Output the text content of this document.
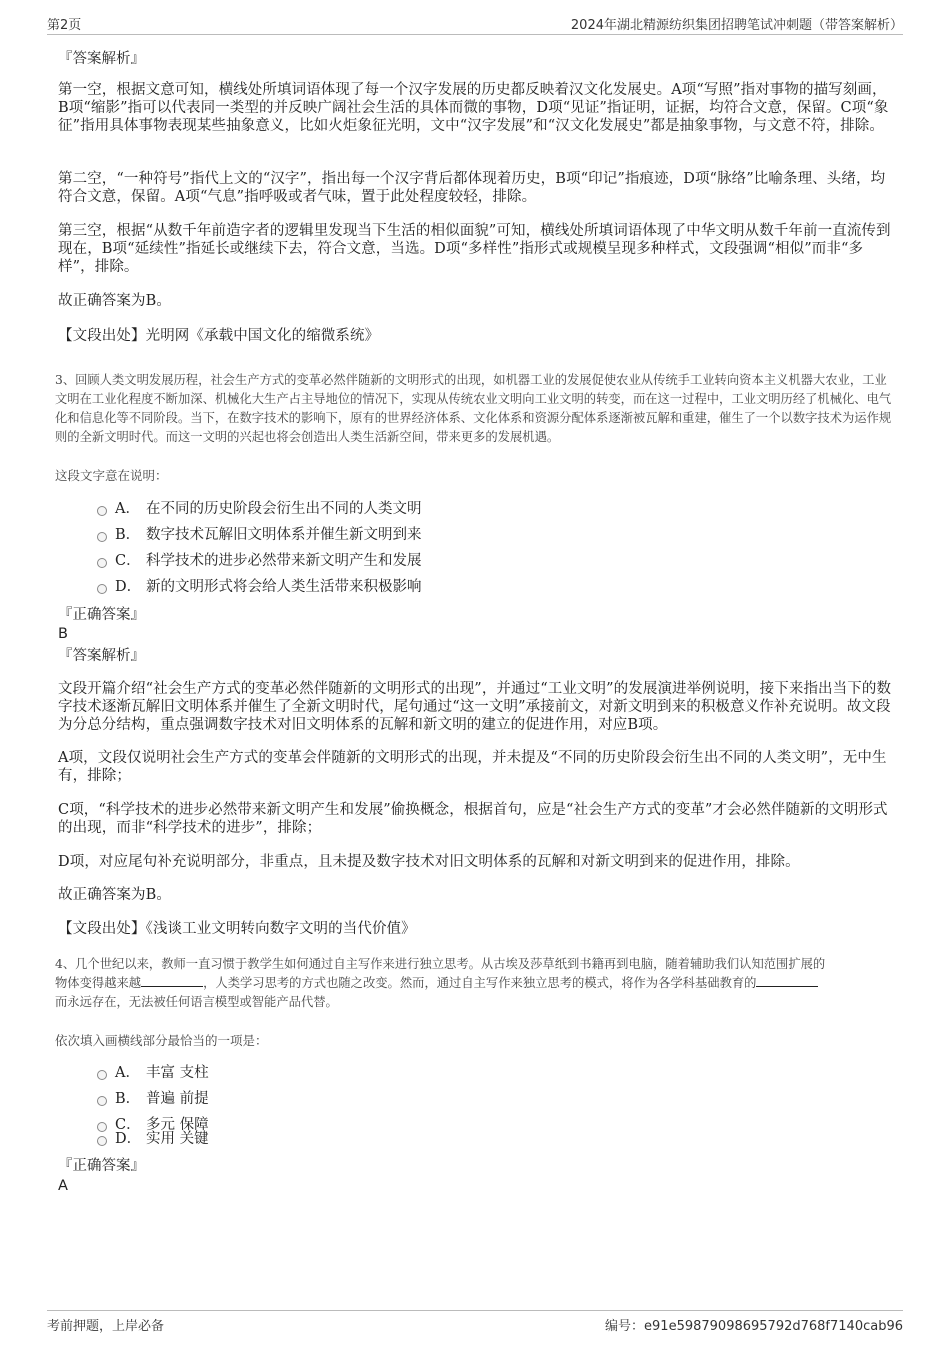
第2页	2024年湖北精源纺织集团招聘笔试冲刺题（带答案解析）
『答案解析』
第一空，根据文意可知，横线处所填词语体现了每一个汉字发展的历史都反映着汉文化发展史。A项“写照”指对事物的描写刻画，B项“缩影”指可以代表同一类型的并反映广阔社会生活的具体而微的事物，D项“见证”指证明，证据，均符合文意，保留。C项“象征”指用具体事物表现某些抽象意义，比如火炬象征光明，文中“汉字发展”和“汉文化发展史”都是抽象事物，与文意不符，排除。
第二空，“一种符号”指代上文的“汉字”，指出每一个汉字背后都体现着历史，B项“印记”指痕迹，D项“脉络”比喻条理、头绪，均符合文意，保留。A项“气息”指呼吸或者气味，置于此处程度较轻，排除。
第三空，根据“从数千年前造字者的逻辑里发现当下生活的相似面貌”可知，横线处所填词语体现了中华文明从数千年前一直流传到现在，B项“延续性”指延长或继续下去，符合文意，当选。D项“多样性”指形式或规模呈现多种样式，文段强调“相似”而非“多样”，排除。
故正确答案为B。
【文段出处】光明网《承载中国文化的缩微系统》
3、回顾人类文明发展历程，社会生产方式的变革必然伴随新的文明形式的出现，如机器工业的发展促使农业从传统手工业转向资本主义机器大农业，工业文明在工业化程度不断加深、机械化大生产占主导地位的情况下，实现从传统农业文明向工业文明的转变，而在这一过程中，工业文明历经了机械化、电气化和信息化等不同阶段。当下，在数字技术的影响下，原有的世界经济体系、文化体系和资源分配体系逐渐被瓦解和重建，催生了一个以数字技术为运作规则的全新文明时代。而这一文明的兴起也将会创造出人类生活新空间，带来更多的发展机遇。
这段文字意在说明：
A． 在不同的历史阶段会衍生出不同的人类文明
B． 数字技术瓦解旧文明体系并催生新文明到来
C． 科学技术的进步必然带来新文明产生和发展
D． 新的文明形式将会给人类生活带来积极影响
『正确答案』
B
『答案解析』
文段开篇介绍“社会生产方式的变革必然伴随新的文明形式的出现”，并通过“工业文明”的发展演进举例说明，接下来指出当下的数字技术逐渐瓦解旧文明体系并催生了全新文明时代，尾句通过“这一文明”承接前文，对新文明到来的积极意义作补充说明。故文段为分总分结构，重点强调数字技术对旧文明体系的瓦解和新文明的建立的促进作用，对应B项。
A项，文段仅说明社会生产方式的变革会伴随新的文明形式的出现，并未提及“不同的历史阶段会衍生出不同的人类文明”，无中生有，排除；
C项，“科学技术的进步必然带来新文明产生和发展”偷换概念，根据首句，应是“社会生产方式的变革”才会必然伴随新的文明形式的出现，而非“科学技术的进步”，排除；
D项，对应尾句补充说明部分，非重点，且未提及数字技术对旧文明体系的瓦解和对新文明到来的促进作用，排除。
故正确答案为B。
【文段出处】《浅谈工业文明转向数字文明的当代价值》
4、几个世纪以来，教师一直习惯于教学生如何通过自主写作来进行独立思考。从古埃及莎草纸到书籍再到电脑，随着辅助我们认知范围扩展的
物体变得越来越	，人类学习思考的方式也随之改变。然而，通过自主写作来独立思考的模式，将作为各学科基础教育的
而永远存在，无法被任何语言模型或智能产品代替。
依次填入画横线部分最恰当的一项是：
A． 丰富 支柱
B． 普遍 前提
C． 多元 保障
D． 实用 关键
『正确答案』
A
考前押题，上岸必备	编号：e91e59879098695792d768f7140cab96
